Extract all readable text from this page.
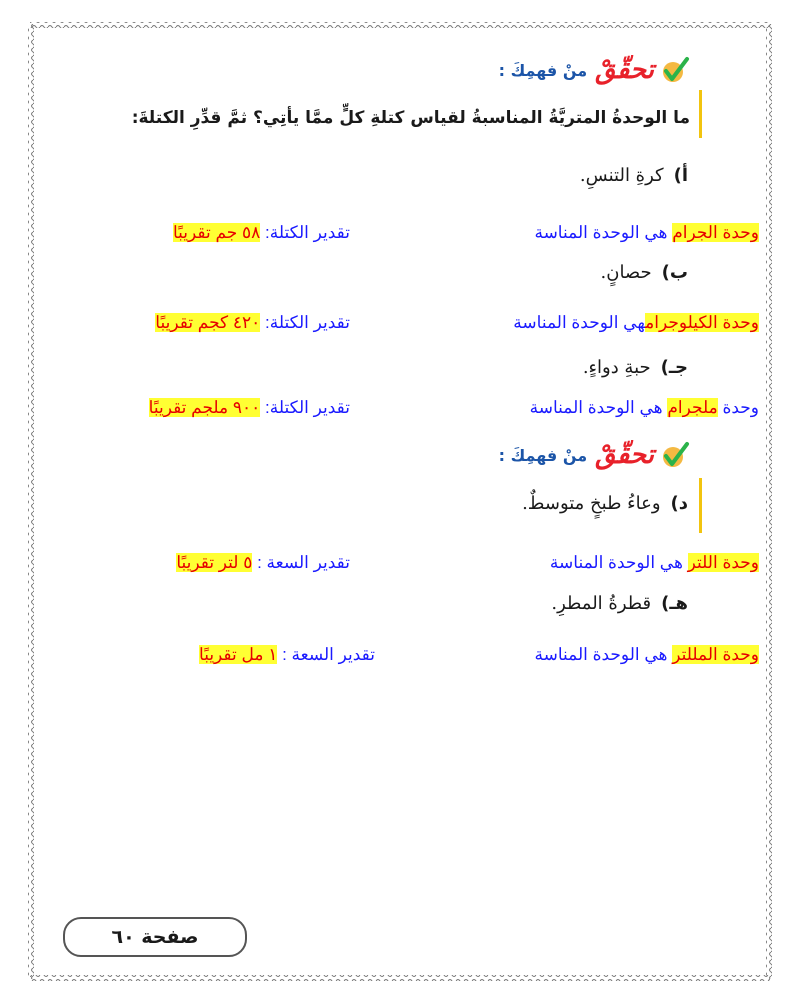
تحقّقْ
منْ فهمِكَ :
ما الوحدةُ المتريَّةُ المناسبةُ لقياس كتلةِ كلٍّ ممَّا يأتِي؟ ثمَّ قدِّرِ الكتلةَ:
أ)كرةِ التنسِ.
وحدة الجرام هي الوحدة المناسة
تقدير الكتلة: ٥٨ جم تقريبًا
ب)حصانٍ.
وحدة الكيلوجرامهي الوحدة المناسة
تقدير الكتلة: ٤٢٠ كجم تقريبًا
جـ)حبةِ دواءٍ.
وحدة ملجرام هي الوحدة المناسة
تقدير الكتلة: ٩٠٠ ملجم تقريبًا
تحقّقْ
منْ فهمِكَ :
د)وعاءُ طبخٍ متوسطٌ.
وحدة اللتر هي الوحدة المناسة
تقدير السعة : ٥ لتر تقريبًا
هـ)قطرةُ المطرِ.
وحدة المللتر هي الوحدة المناسة
تقدير السعة : ١ مل تقريبًا
صفحة ٦٠
